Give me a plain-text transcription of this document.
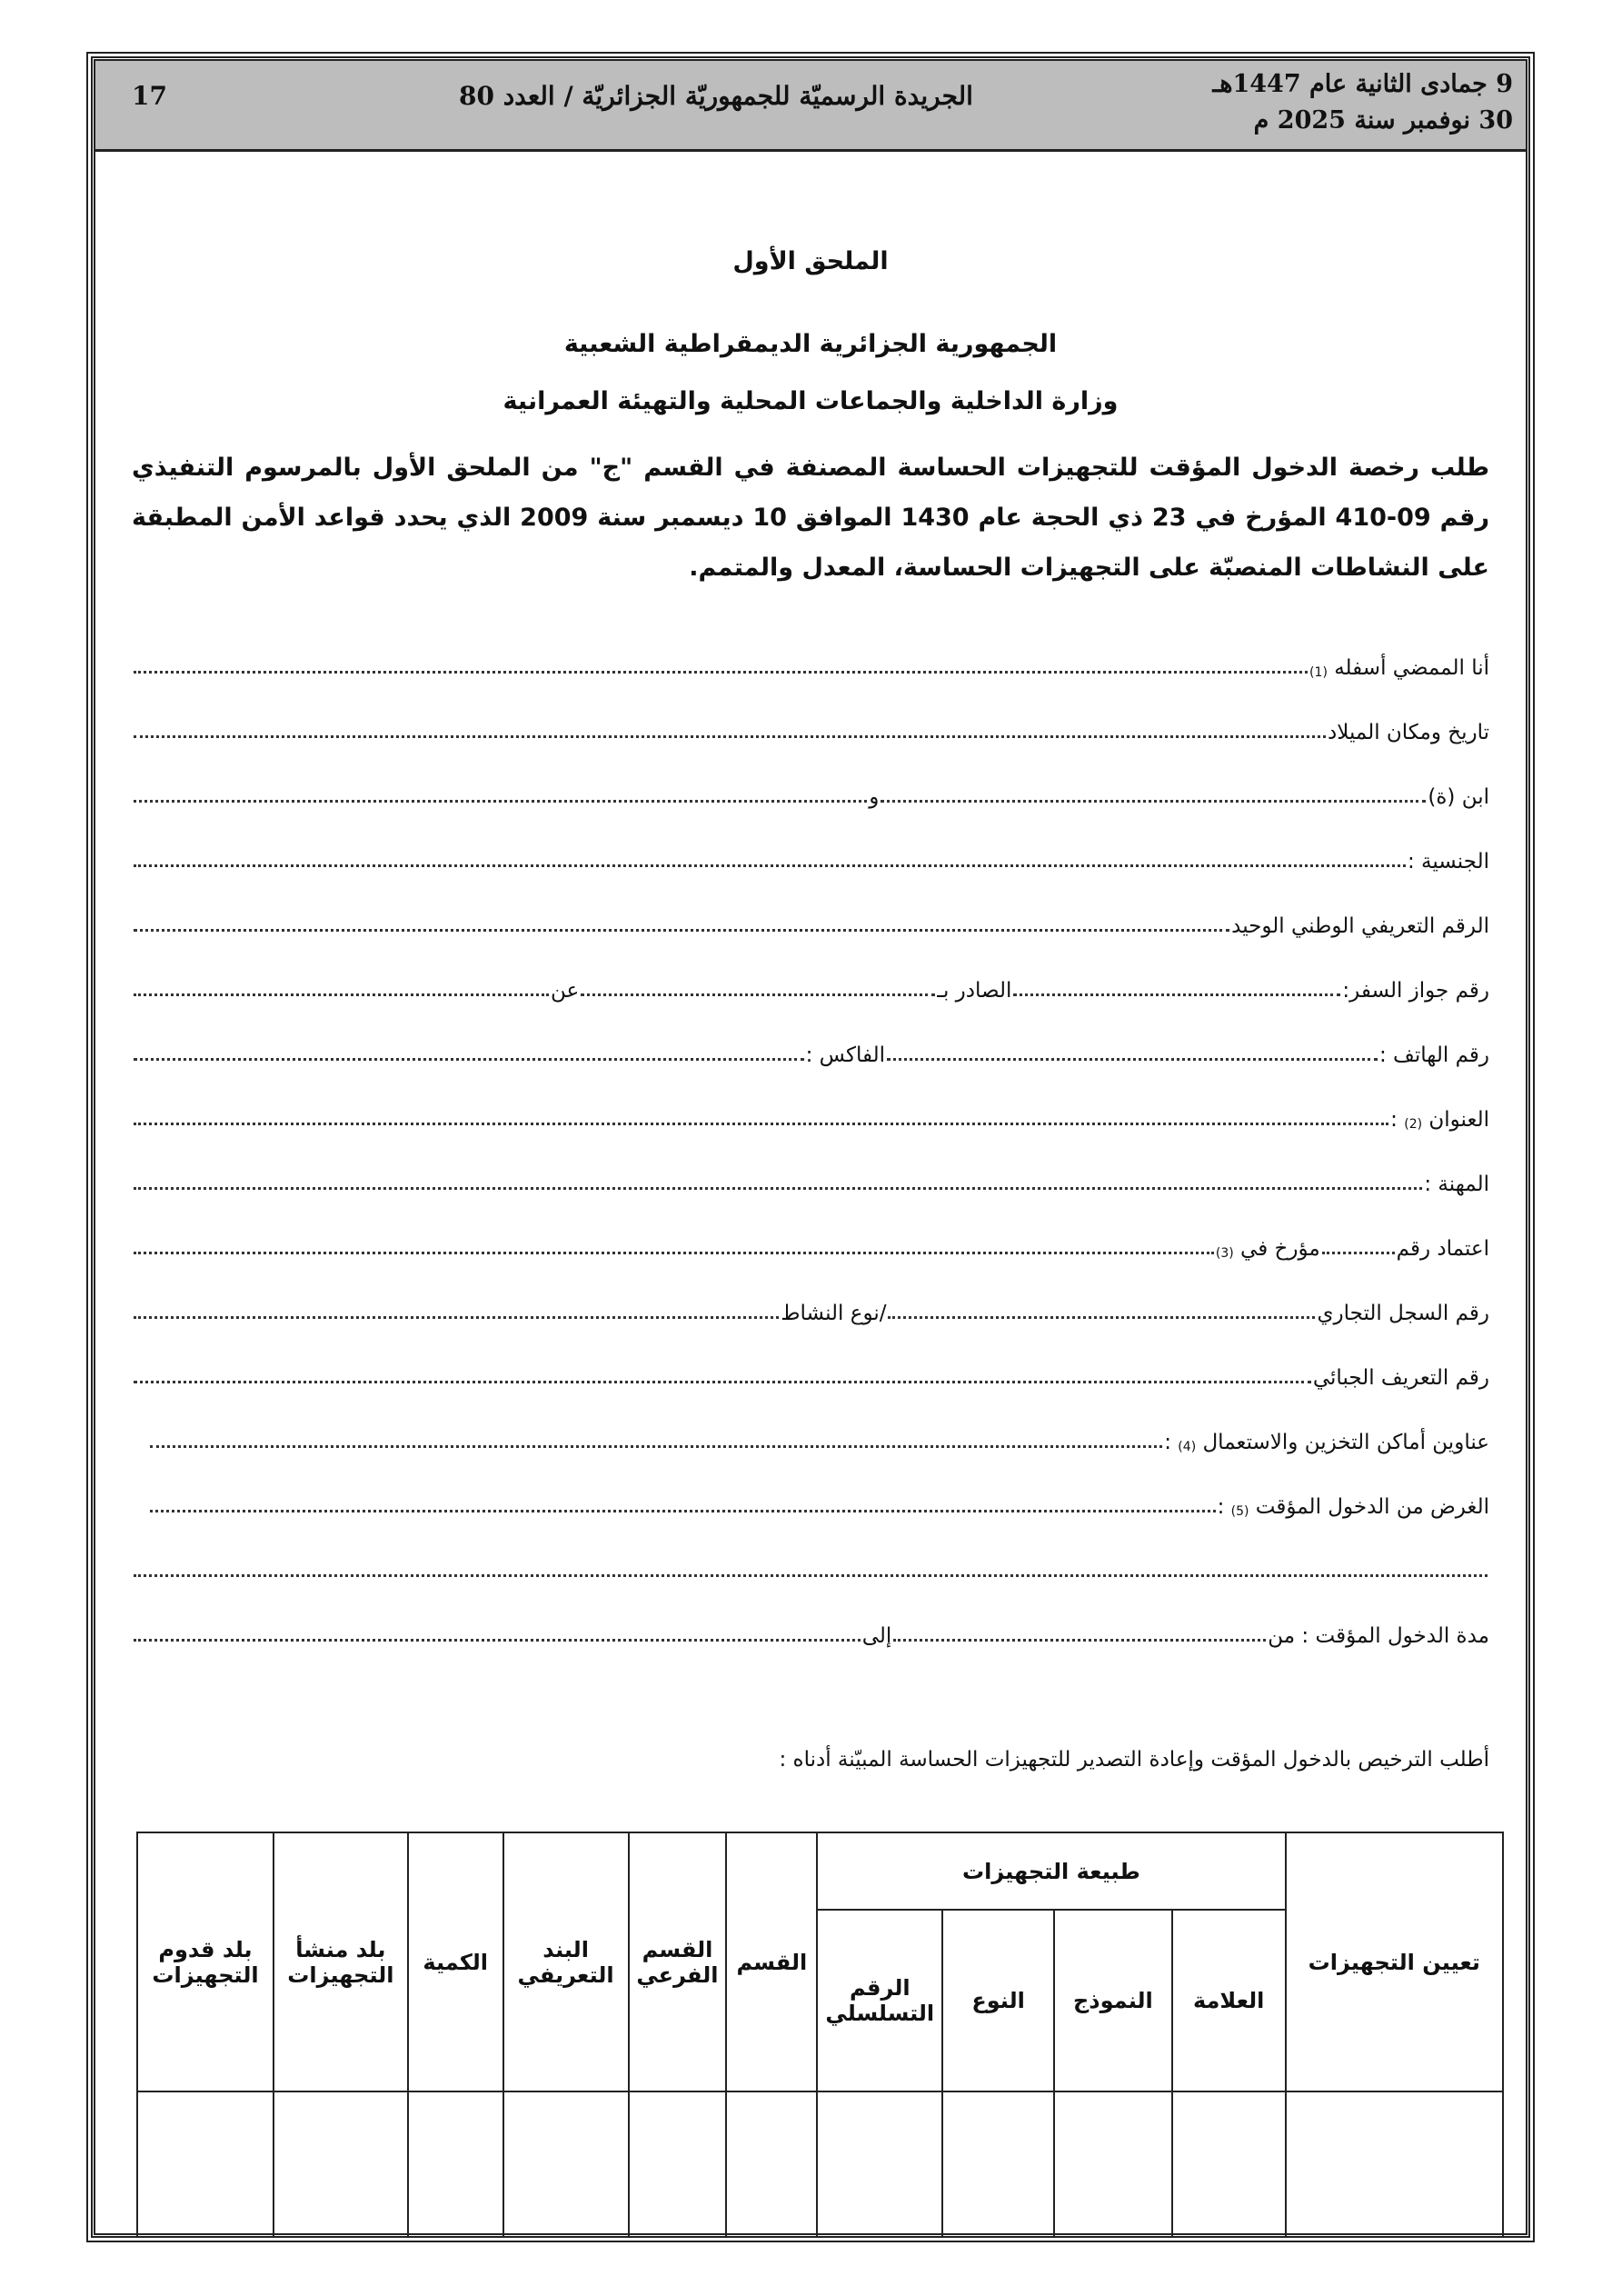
9 جمادى الثانية عام 1447هـ
30 نوفمبر سنة 2025 م
الجريدة الرسميّة للجمهوريّة الجزائريّة / العدد 80
17
الملحق الأول
الجمهورية الجزائرية الديمقراطية الشعبية
وزارة الداخلية والجماعات المحلية والتهيئة العمرانية
طلب رخصة الدخول المؤقت للتجهيزات الحساسة المصنفة في القسم "ج" من الملحق الأول بالمرسوم التنفيذي رقم 09-410 المؤرخ في 23 ذي الحجة عام 1430 الموافق 10 ديسمبر سنة 2009 الذي يحدد قواعد الأمن المطبقة على النشاطات المنصبّة على التجهيزات الحساسة، المعدل والمتمم.
أنا الممضي أسفله

(1)
تاريخ ومكان الميلاد
ابن (ة)
و
الجنسية :
الرقم التعريفي الوطني الوحيد
رقم جواز السفر:
الصادر بـ
عن
رقم الهاتف :
الفاكس :
العنوان

(2)

:
المهنة :
اعتماد رقم
مؤرخ في

(3)
رقم السجل التجاري
/نوع النشاط
رقم التعريف الجبائي
عناوين أماكن التخزين والاستعمال

(4)

:
الغرض من الدخول المؤقت

(5)

:
مدة الدخول المؤقت : من
إلى
أطلب الترخيص بالدخول المؤقت وإعادة التصدير للتجهيزات الحساسة المبيّنة أدناه :
تعيين التجهيزات	طبيعة التجهيزات				القسم	القسم الفرعي	البند التعريفي	الكمية	بلد منشأ التجهيزات	بلد قدوم التجهيزات
	العلامة	النموذج	النوع	الرقم التسلسلي						
